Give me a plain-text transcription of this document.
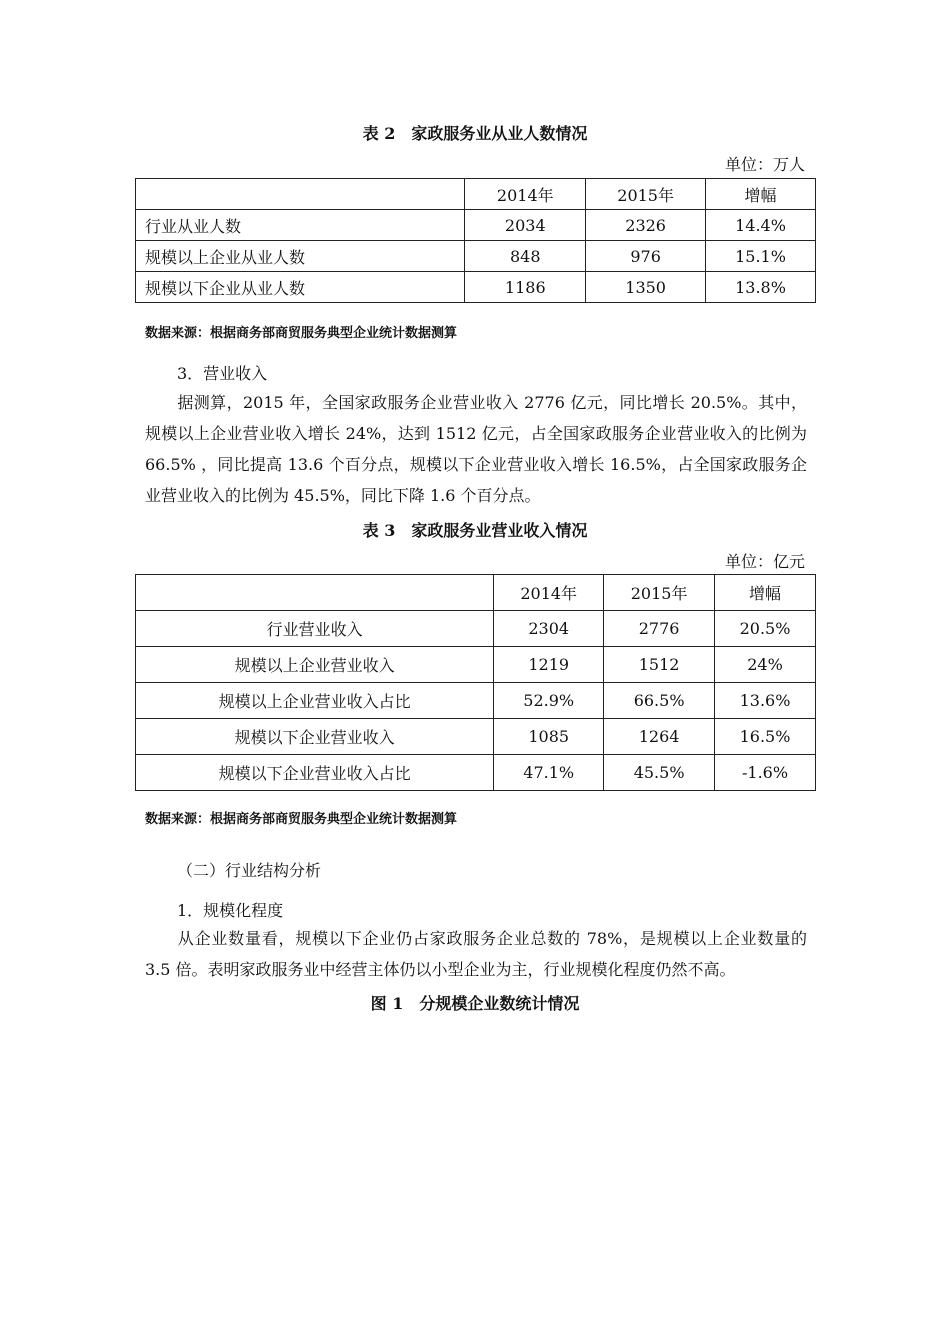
表 2　家政服务业从业人数情况
单位：万人
	2014年	2015年	增幅
行业从业人数	2034	2326	14.4%
规模以上企业从业人数	848	976	15.1%
规模以下企业从业人数	1186	1350	13.8%
数据来源：根据商务部商贸服务典型企业统计数据测算
3．营业收入
据测算，2015 年，全国家政服务企业营业收入 2776 亿元，同比增长 20.5%。其中，规模以上企业营业收入增长 24%，达到 1512 亿元，占全国家政服务企业营业收入的比例为 66.5% ，同比提高 13.6 个百分点，规模以下企业营业收入增长 16.5%，占全国家政服务企业营业收入的比例为 45.5%，同比下降 1.6 个百分点。
表 3　家政服务业营业收入情况
单位：亿元
	2014年	2015年	增幅
行业营业收入	2304	2776	20.5%
规模以上企业营业收入	1219	1512	24%
规模以上企业营业收入占比	52.9%	66.5%	13.6%
规模以下企业营业收入	1085	1264	16.5%
规模以下企业营业收入占比	47.1%	45.5%	-1.6%
数据来源：根据商务部商贸服务典型企业统计数据测算
（二）行业结构分析
1．规模化程度
从企业数量看，规模以下企业仍占家政服务企业总数的 78%，是规模以上企业数量的 3.5 倍。表明家政服务业中经营主体仍以小型企业为主，行业规模化程度仍然不高。
图 1　分规模企业数统计情况
